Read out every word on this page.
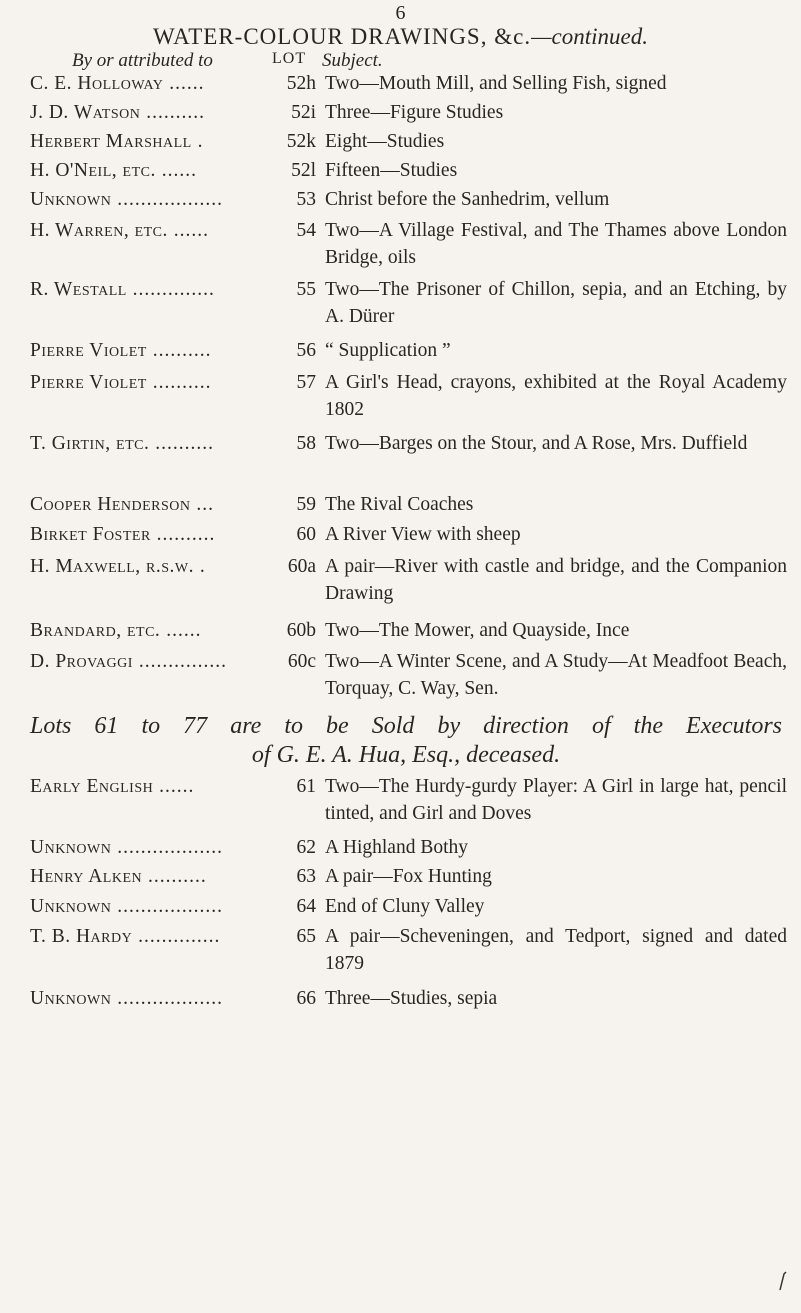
6
WATER-COLOUR DRAWINGS, &c.—continued.
By or attributed to	LOT Subject.
C. E. Holloway ......	52h Two—Mouth Mill, and Selling Fish, signed
J. D. Watson ..........	52i Three—Figure Studies
Herbert Marshall .	52k Eight—Studies
H. O'Neil, etc. ......	52l Fifteen—Studies
Unknown ..................	53 Christ before the Sanhedrim, vellum
H. Warren, etc. ......	54 Two—A Village Festival, and The Thames above London Bridge, oils
R. Westall ..............	55 Two—The Prisoner of Chillon, sepia, and an Etching, by A. Dürer
Pierre Violet ..........	56 “ Supplication ”
Pierre Violet ..........	57 A Girl's Head, crayons, exhibited at the Royal Academy 1802
T. Girtin, etc. ..........	58 Two—Barges on the Stour, and A Rose, Mrs. Duffield
Cooper Henderson ...	59 The Rival Coaches
Birket Foster ..........	60 A River View with sheep
H. Maxwell, r.s.w. .	60a A pair—River with castle and bridge, and the Companion Drawing
Brandard, etc. ......	60b Two—The Mower, and Quayside, Ince
D. Provaggi ...............	60c Two—A Winter Scene, and A Study—At Meadfoot Beach, Torquay, C. Way, Sen.
Lots 61 to 77 are to be Sold by direction of the Executors
of G. E. A. Hua, Esq., deceased.
Early English ......	61 Two—The Hurdy-gurdy Player: A Girl in large hat, pencil tinted, and Girl and Doves
Unknown ..................	62 A Highland Bothy
Henry Alken ..........	63 A pair—Fox Hunting
Unknown ..................	64 End of Cluny Valley
T. B. Hardy ..............	65 A pair—Scheveningen, and Tedport, signed and dated 1879
Unknown ..................	66 Three—Studies, sepia
